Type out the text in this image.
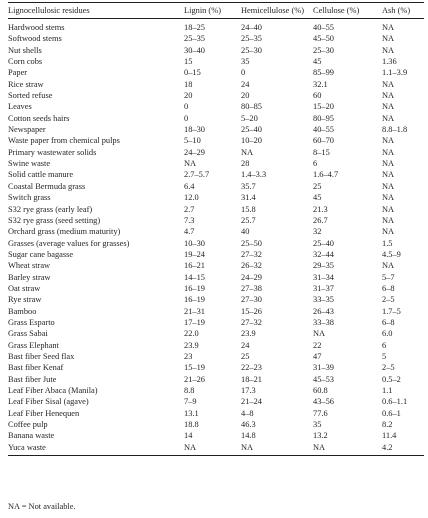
Lignocellulosic residues	Lignin (%)	Hemicellulose (%)	Cellulose (%)	Ash (%)
Hardwood stems	18–25	24–40	40–55	NA
Softwood stems	25–35	25–35	45–50	NA
Nut shells	30–40	25–30	25–30	NA
Corn cobs	15	35	45	1.36
Paper	0–15	0	85–99	1.1–3.9
Rice straw	18	24	32.1	NA
Sorted refuse	20	20	60	NA
Leaves	0	80–85	15–20	NA
Cotton seeds hairs	0	5–20	80–95	NA
Newspaper	18–30	25–40	40–55	8.8–1.8
Waste paper from chemical pulps	5–10	10–20	60–70	NA
Primary wastewater solids	24–29	NA	8–15	NA
Swine waste	NA	28	6	NA
Solid cattle manure	2.7–5.7	1.4–3.3	1.6–4.7	NA
Coastal Bermuda grass	6.4	35.7	25	NA
Switch grass	12.0	31.4	45	NA
S32 rye grass (early leaf)	2.7	15.8	21.3	NA
S32 rye grass (seed setting)	7.3	25.7	26.7	NA
Orchard grass (medium maturity)	4.7	40	32	NA
Grasses (average values for grasses)	10–30	25–50	25–40	1.5
Sugar cane bagasse	19–24	27–32	32–44	4.5–9
Wheat straw	16–21	26–32	29–35	NA
Barley straw	14–15	24–29	31–34	5–7
Oat straw	16–19	27–38	31–37	6–8
Rye straw	16–19	27–30	33–35	2–5
Bamboo	21–31	15–26	26–43	1.7–5
Grass Esparto	17–19	27–32	33–38	6–8
Grass Sabai	22.0	23.9	NA	6.0
Grass Elephant	23.9	24	22	6
Bast fiber Seed flax	23	25	47	5
Bast fiber Kenaf	15–19	22–23	31–39	2–5
Bast fiber Jute	21–26	18–21	45–53	0.5–2
Leaf Fiber Abaca (Manila)	8.8	17.3	60.8	1.1
Leaf Fiber Sisal (agave)	7–9	21–24	43–56	0.6–1.1
Leaf Fiber Henequen	13.1	4–8	77.6	0.6–1
Coffee pulp	18.8	46.3	35	8.2
Banana waste	14	14.8	13.2	11.4
Yuca waste	NA	NA	NA	4.2
NA = Not available.
